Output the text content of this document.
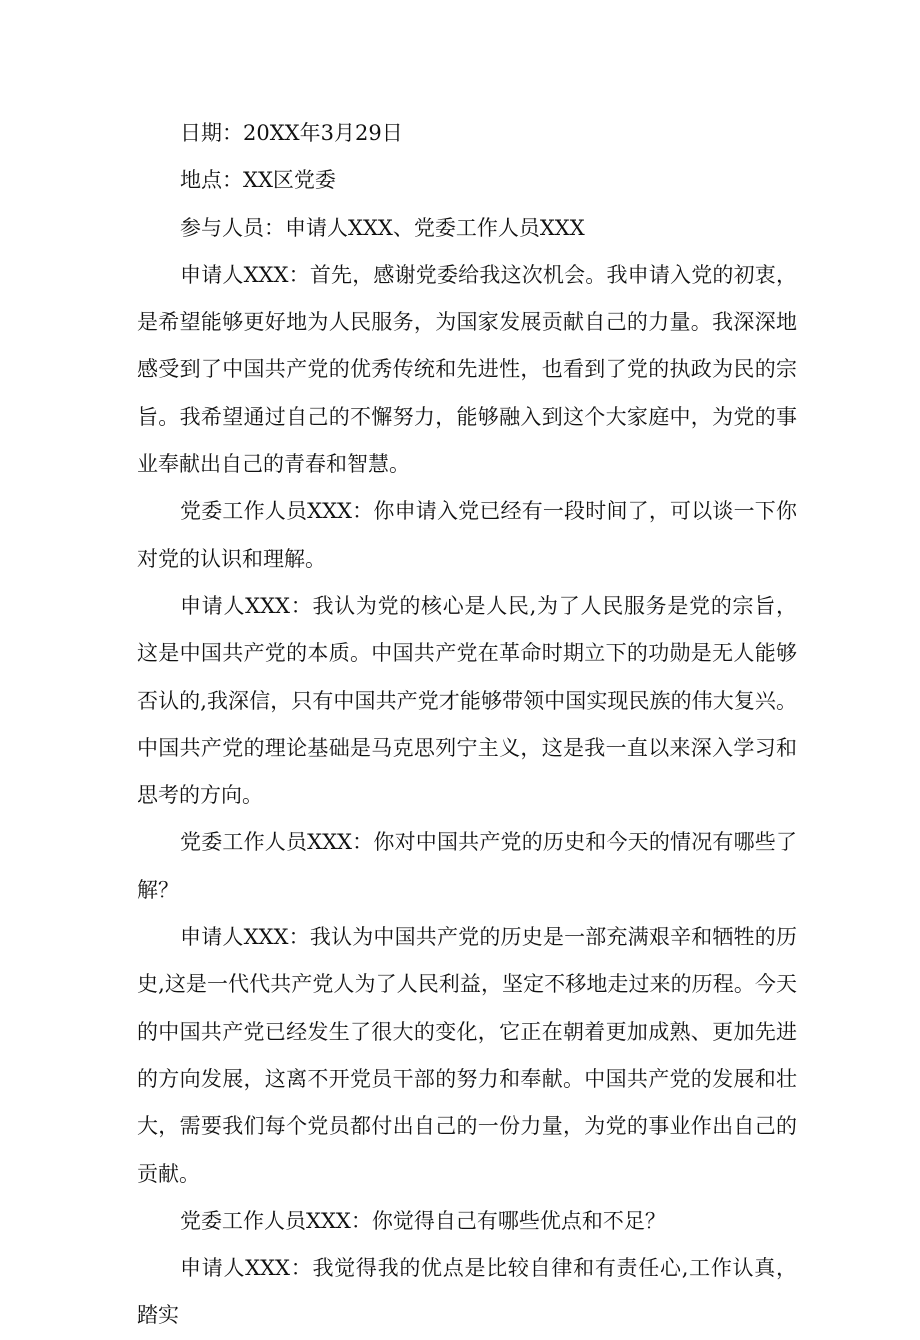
日期：20XX年3月29日

地点：XX区党委

参与人员：申请人XXX、党委工作人员XXX

申请人XXX：首先，感谢党委给我这次机会。我申请入党的初衷，是希望能够更好地为人民服务，为国家发展贡献自己的力量。我深深地感受到了中国共产党的优秀传统和先进性，也看到了党的执政为民的宗旨。我希望通过自己的不懈努力，能够融入到这个大家庭中，为党的事业奉献出自己的青春和智慧。

党委工作人员XXX：你申请入党已经有一段时间了，可以谈一下你对党的认识和理解。

申请人XXX：我认为党的核心是人民,为了人民服务是党的宗旨，这是中国共产党的本质。中国共产党在革命时期立下的功勋是无人能够否认的,我深信，只有中国共产党才能够带领中国实现民族的伟大复兴。中国共产党的理论基础是马克思列宁主义，这是我一直以来深入学习和思考的方向。

党委工作人员XXX：你对中国共产党的历史和今天的情况有哪些了解？

申请人XXX：我认为中国共产党的历史是一部充满艰辛和牺牲的历史,这是一代代共产党人为了人民利益，坚定不移地走过来的历程。今天的中国共产党已经发生了很大的变化，它正在朝着更加成熟、更加先进的方向发展，这离不开党员干部的努力和奉献。中国共产党的发展和壮大，需要我们每个党员都付出自己的一份力量，为党的事业作出自己的贡献。

党委工作人员XXX：你觉得自己有哪些优点和不足？

申请人XXX：我觉得我的优点是比较自律和有责任心,工作认真，踏实
